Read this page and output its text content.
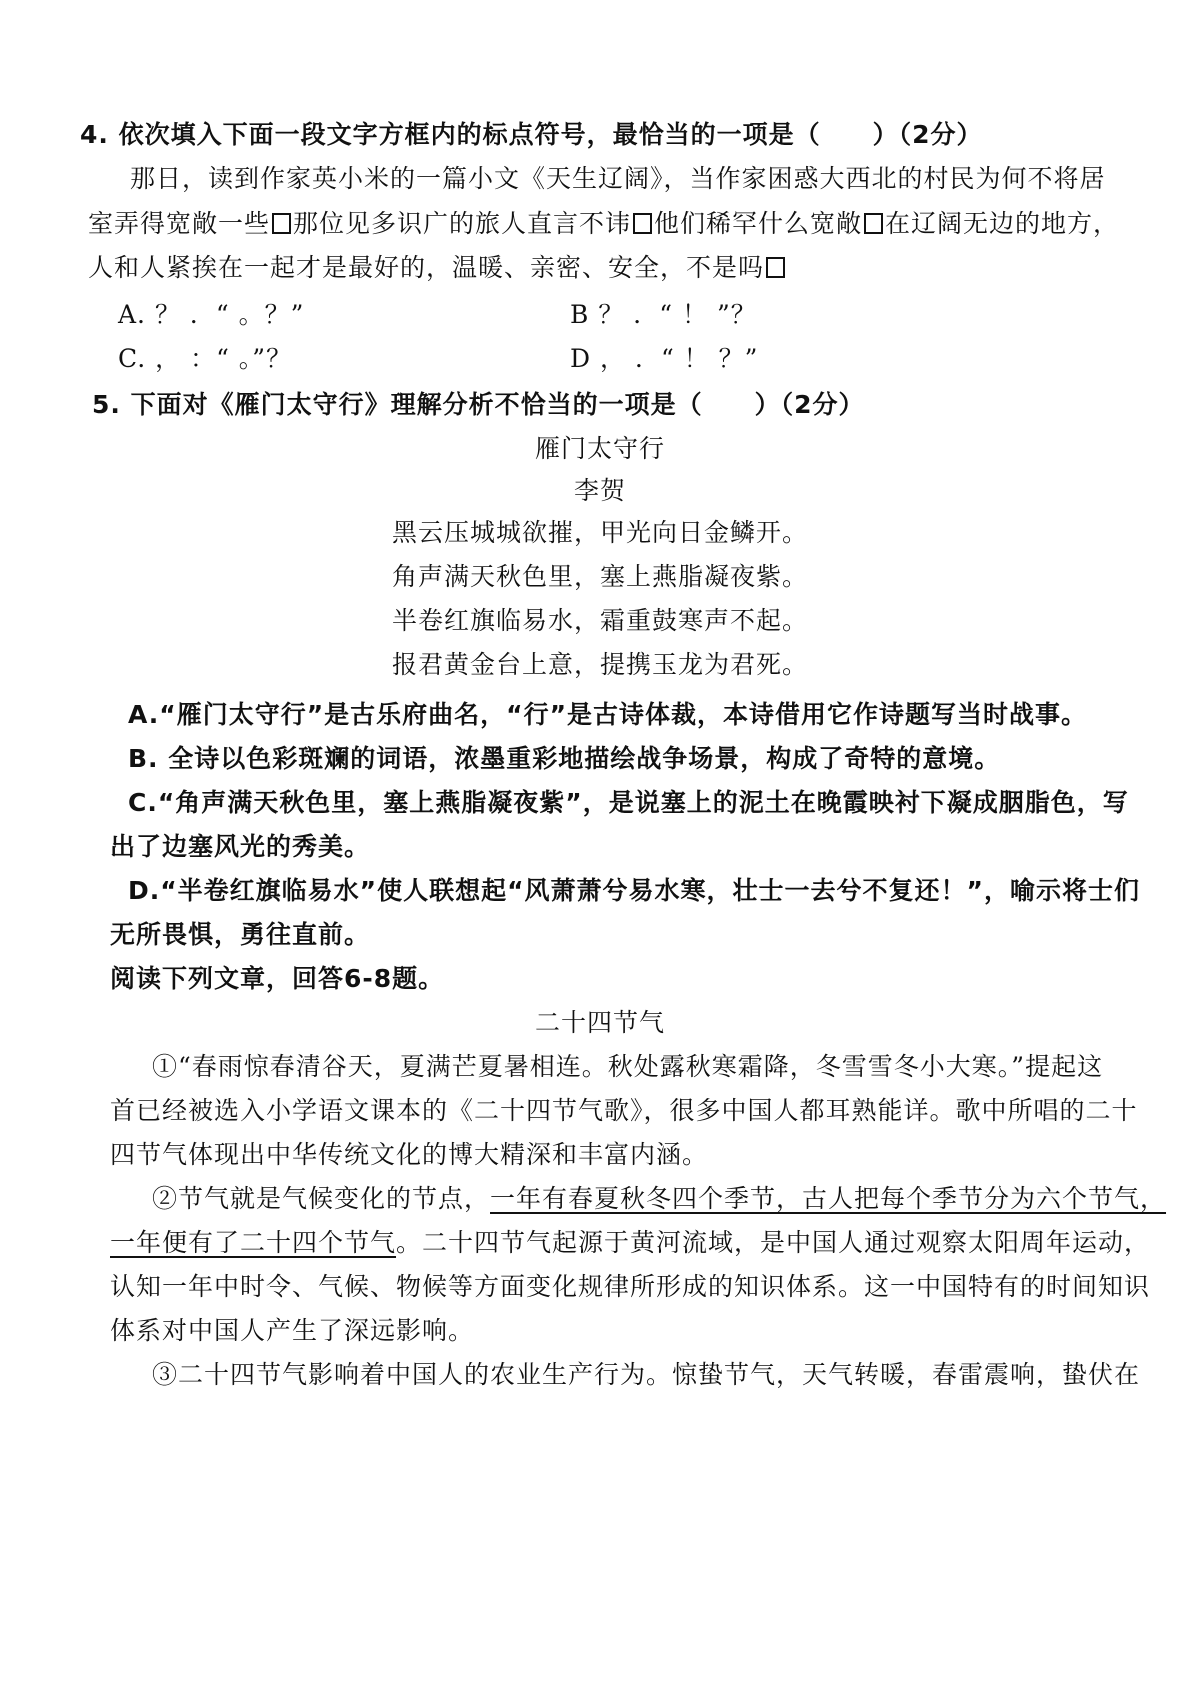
4. 依次填入下面一段文字方框内的标点符号，最恰当的一项是（　　）（2分）
那日，读到作家英小米的一篇小文《天生辽阔》，当作家困惑大西北的村民为何不将居
室弄得宽敞一些 那位见多识广的旅人直言不讳 他们稀罕什么宽敞 在辽阔无边的地方，
人和人紧挨在一起才是最好的，温暖、亲密、安全，不是吗
A. ？ ．“ 。？”	B ？ ．“ ！ ”？
C. ， ：“ 。”？	D ， ．“ ！ ？”
5. 下面对《雁门太守行》理解分析不恰当的一项是（　　）（2分）
雁门太守行
李贺
黑云压城城欲摧，甲光向日金鳞开。
角声满天秋色里，塞上燕脂凝夜紫。
半卷红旗临易水，霜重鼓寒声不起。
报君黄金台上意，提携玉龙为君死。
A.“雁门太守行”是古乐府曲名，“行”是古诗体裁，本诗借用它作诗题写当时战事。
B. 全诗以色彩斑斓的词语，浓墨重彩地描绘战争场景，构成了奇特的意境。
C.“角声满天秋色里，塞上燕脂凝夜紫”，是说塞上的泥土在晚霞映衬下凝成胭脂色，写
出了边塞风光的秀美。
D.“半卷红旗临易水”使人联想起“风萧萧兮易水寒，壮士一去兮不复还！”，喻示将士们
无所畏惧，勇往直前。
阅读下列文章，回答6-8题。
二十四节气
①“春雨惊春清谷天，夏满芒夏暑相连。秋处露秋寒霜降，冬雪雪冬小大寒。”提起这
首已经被选入小学语文课本的《二十四节气歌》，很多中国人都耳熟能详。歌中所唱的二十
四节气体现出中华传统文化的博大精深和丰富内涵。
②节气就是气候变化的节点，一年有春夏秋冬四个季节，古人把每个季节分为六个节气，
一年便有了二十四个节气。二十四节气起源于黄河流域，是中国人通过观察太阳周年运动，
认知一年中时令、气候、物候等方面变化规律所形成的知识体系。这一中国特有的时间知识
体系对中国人产生了深远影响。
③二十四节气影响着中国人的农业生产行为。惊蛰节气，天气转暖，春雷震响，蛰伏在
